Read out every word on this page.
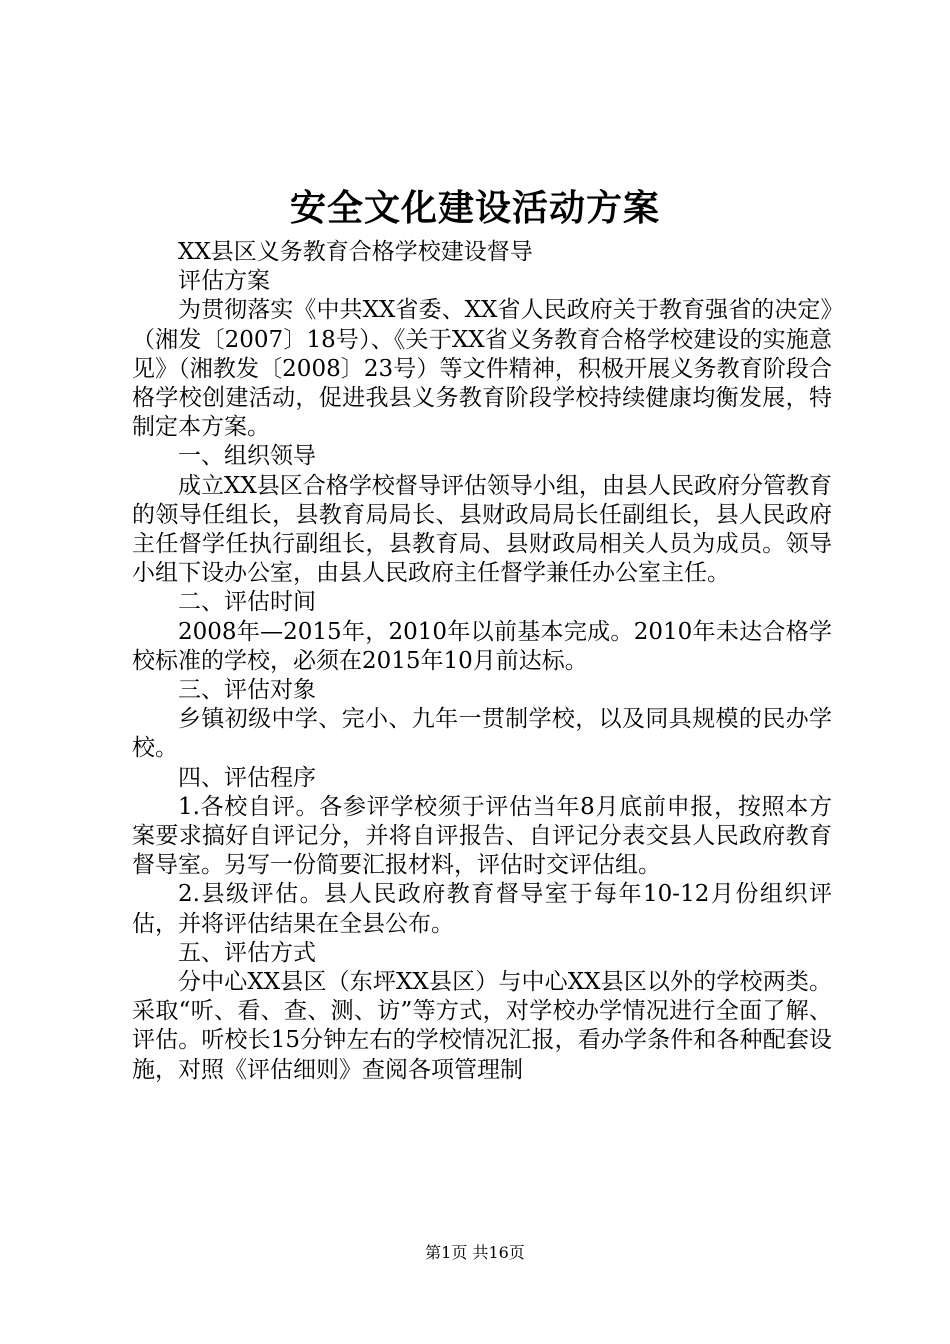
安全文化建设活动方案

XX县区义务教育合格学校建设督导

评估方案

为贯彻落实《中共XX省委、XX省人民政府关于教育强省的决定》（湘发〔2007〕18号）、《关于XX省义务教育合格学校建设的实施意见》（湘教发〔2008〕23号）等文件精神，积极开展义务教育阶段合格学校创建活动，促进我县义务教育阶段学校持续健康均衡发展，特制定本方案。

一、组织领导

成立XX县区合格学校督导评估领导小组，由县人民政府分管教育的领导任组长，县教育局局长、县财政局局长任副组长，县人民政府主任督学任执行副组长，县教育局、县财政局相关人员为成员。领导小组下设办公室，由县人民政府主任督学兼任办公室主任。

二、评估时间

2008年—2015年，2010年以前基本完成。2010年未达合格学校标准的学校，必须在2015年10月前达标。

三、评估对象

乡镇初级中学、完小、九年一贯制学校，以及同具规模的民办学校。

四、评估程序

1.各校自评。各参评学校须于评估当年8月底前申报，按照本方案要求搞好自评记分，并将自评报告、自评记分表交县人民政府教育督导室。另写一份简要汇报材料，评估时交评估组。

2.县级评估。县人民政府教育督导室于每年10-12月份组织评估，并将评估结果在全县公布。

五、评估方式

分中心XX县区（东坪XX县区）与中心XX县区以外的学校两类。采取“听、看、查、测、访”等方式，对学校办学情况进行全面了解、评估。听校长15分钟左右的学校情况汇报，看办学条件和各种配套设施，对照《评估细则》查阅各项管理制

第1页 共16页
